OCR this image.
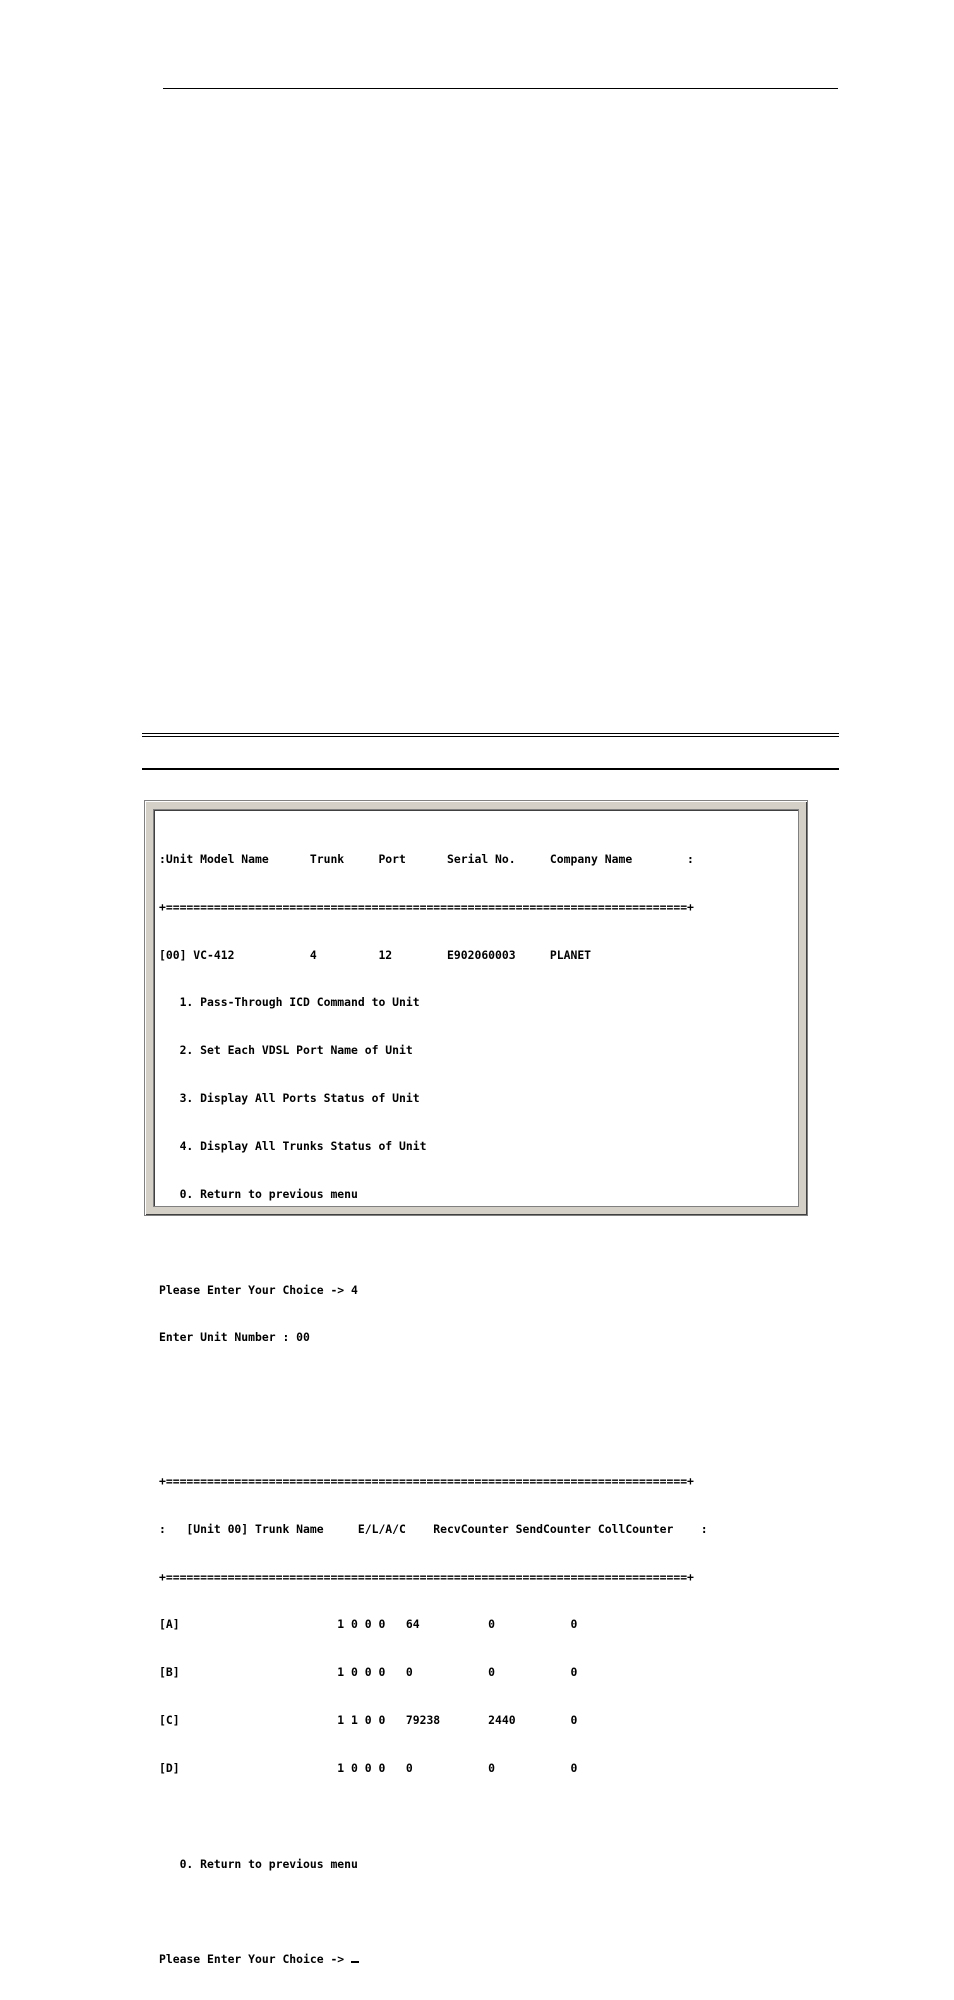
:Unit Model Name      Trunk     Port      Serial No.     Company Name        :

+============================================================================+

[00] VC-412           4         12        E902060003     PLANET

1. Pass-Through ICD Command to Unit

2. Set Each VDSL Port Name of Unit

3. Display All Ports Status of Unit

4. Display All Trunks Status of Unit

0. Return to previous menu

Please Enter Your Choice -> 4

Enter Unit Number : 00

+============================================================================+

:   [Unit 00] Trunk Name     E/L/A/C    RecvCounter SendCounter CollCounter    :

+============================================================================+

[A]                       1 0 0 0   64          0           0

[B]                       1 0 0 0   0           0           0

[C]                       1 1 0 0   79238       2440        0

[D]                       1 0 0 0   0           0           0

0. Return to previous menu

Please Enter Your Choice ->
